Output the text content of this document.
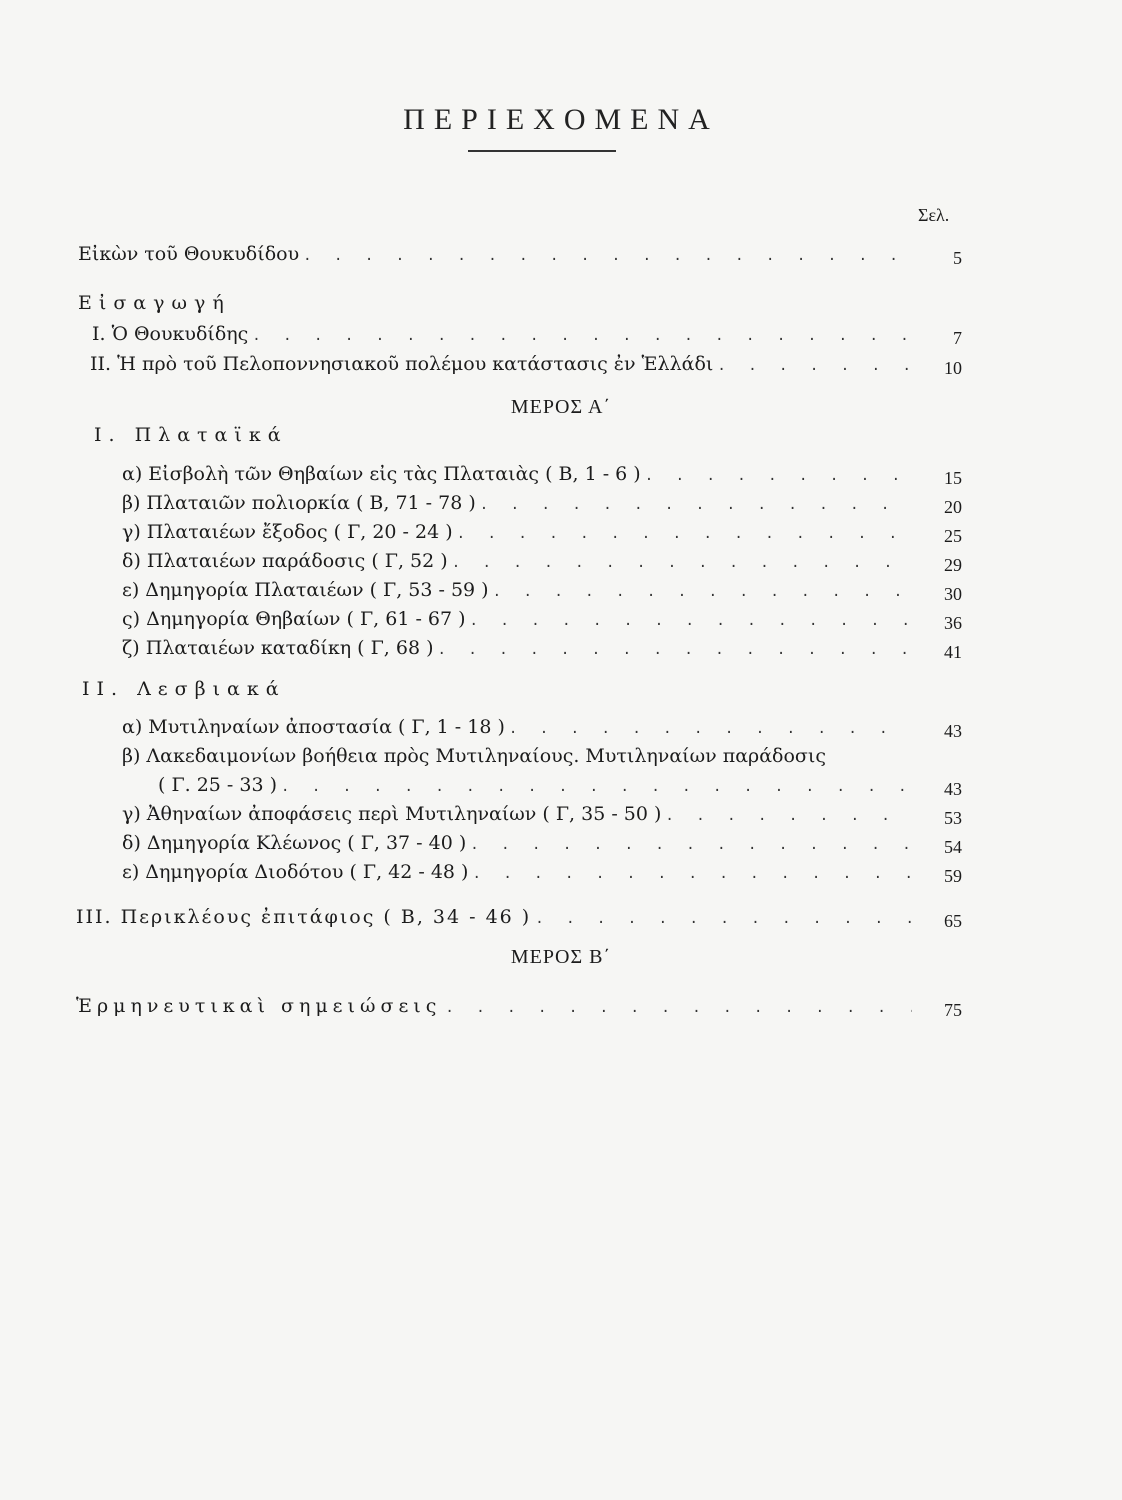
ΠΕΡΙΕΧΟΜΕΝΑ
Σελ.
Εἰκὼν τοῦ Θουκυδίδου . . .	5
Εἰσαγωγή
I. Ὁ Θουκυδίδης . . .	7
II. Ἡ πρὸ τοῦ Πελοποννησιακοῦ πολέμου κατάστασις ἐν Ἑλλάδι . . .	10
ΜΕΡΟΣ Α΄
I. Πλαταϊκά
α) Εἰσβολὴ τῶν Θηβαίων εἰς τὰς Πλαταιὰς ( Β, 1 - 6 ) . . .	15
β) Πλαταιῶν πολιορκία ( Β, 71 - 78 ) . . .	20
γ) Πλαταιέων ἔξοδος ( Γ, 20 - 24 ) . . .	25
δ) Πλαταιέων παράδοσις ( Γ, 52 ) . . .	29
ε) Δημηγορία Πλαταιέων ( Γ, 53 - 59 ) . . .	30
ς) Δημηγορία Θηβαίων ( Γ, 61 - 67 ) . . .	36
ζ) Πλαταιέων καταδίκη ( Γ, 68 ) . . .	41
II. Λεσβιακά
α) Μυτιληναίων ἀποστασία ( Γ, 1 - 18 ) . . .	43
β) Λακεδαιμονίων βοήθεια πρὸς Μυτιληναίους. Μυτιληναίων παράδοσις
( Γ. 25 - 33 ) . . .	43
γ) Ἀθηναίων ἀποφάσεις περὶ Μυτιληναίων ( Γ, 35 - 50 ) . . .	53
δ) Δημηγορία Κλέωνος ( Γ, 37 - 40 ) . . .	54
ε) Δημηγορία Διοδότου ( Γ, 42 - 48 ) . . .	59
III. Περικλέους ἐπιτάφιος ( Β, 34 - 46 ) . . .	65
ΜΕΡΟΣ Β΄
Ἑρμηνευτικαὶ σημειώσεις . . .	75
